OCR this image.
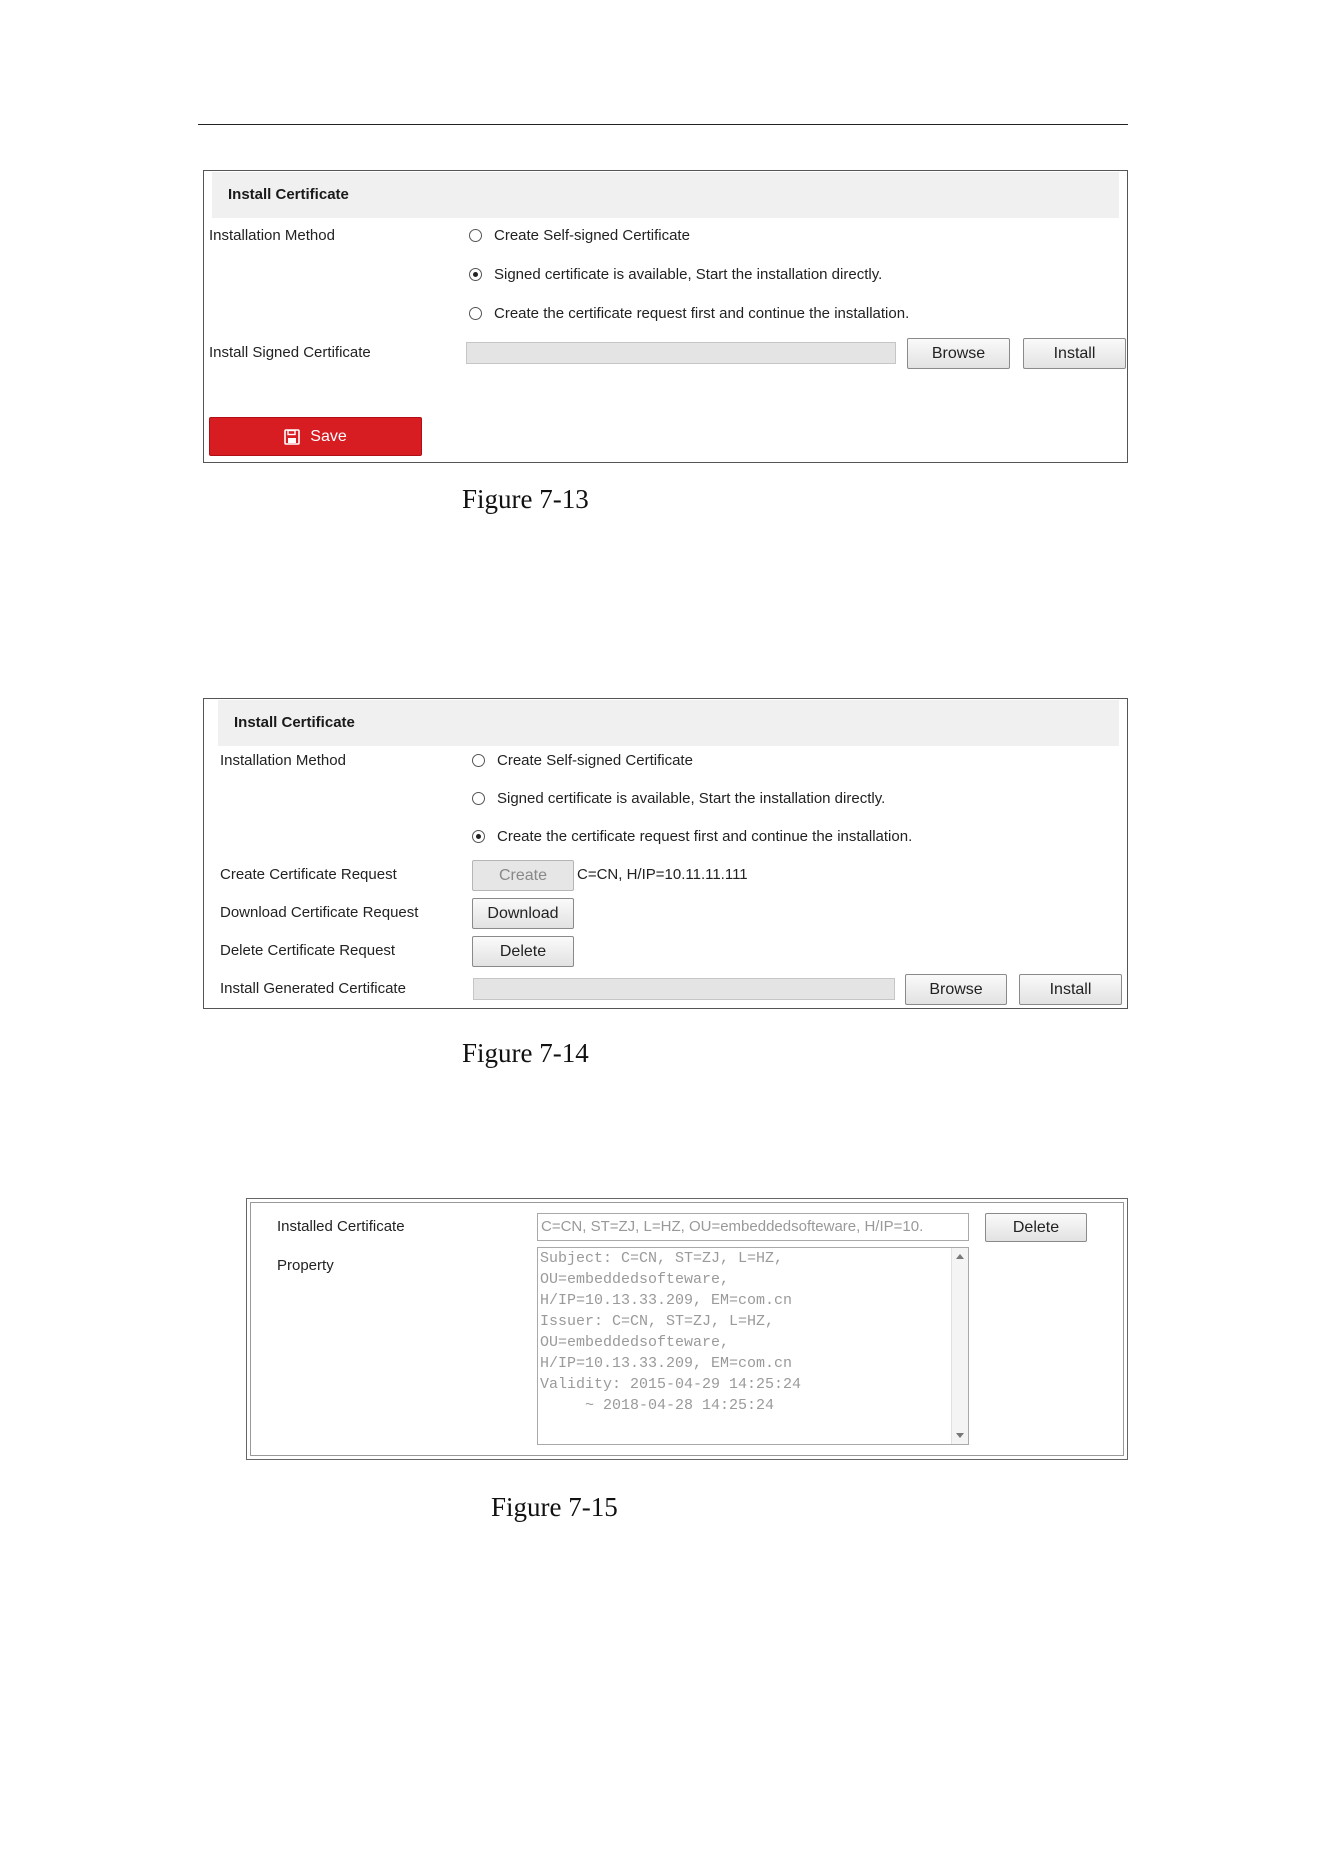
Install Certificate
Installation Method	Create Self-signed Certificate
Signed certificate is available, Start the installation directly.
Create the certificate request first and continue the installation.
Install Signed Certificate	Browse	Install
Save
Figure 7-13
Install Certificate
Installation Method	Create Self-signed Certificate
Signed certificate is available, Start the installation directly.
Create the certificate request first and continue the installation.
Create Certificate Request	Create	C=CN, H/IP=10.11.11.111
Download Certificate Request	Download
Delete Certificate Request	Delete
Install Generated Certificate	Browse	Install
Figure 7-14
Installed Certificate	C=CN, ST=ZJ, L=HZ, OU=embeddedsofteware, H/IP=10.	Delete
Property	Subject: C=CN, ST=ZJ, L=HZ,
OU=embeddedsofteware,
H/IP=10.13.33.209, EM=com.cn
Issuer: C=CN, ST=ZJ, L=HZ,
OU=embeddedsofteware,
H/IP=10.13.33.209, EM=com.cn
Validity: 2015-04-29 14:25:24
~ 2018-04-28 14:25:24
Figure 7-15
